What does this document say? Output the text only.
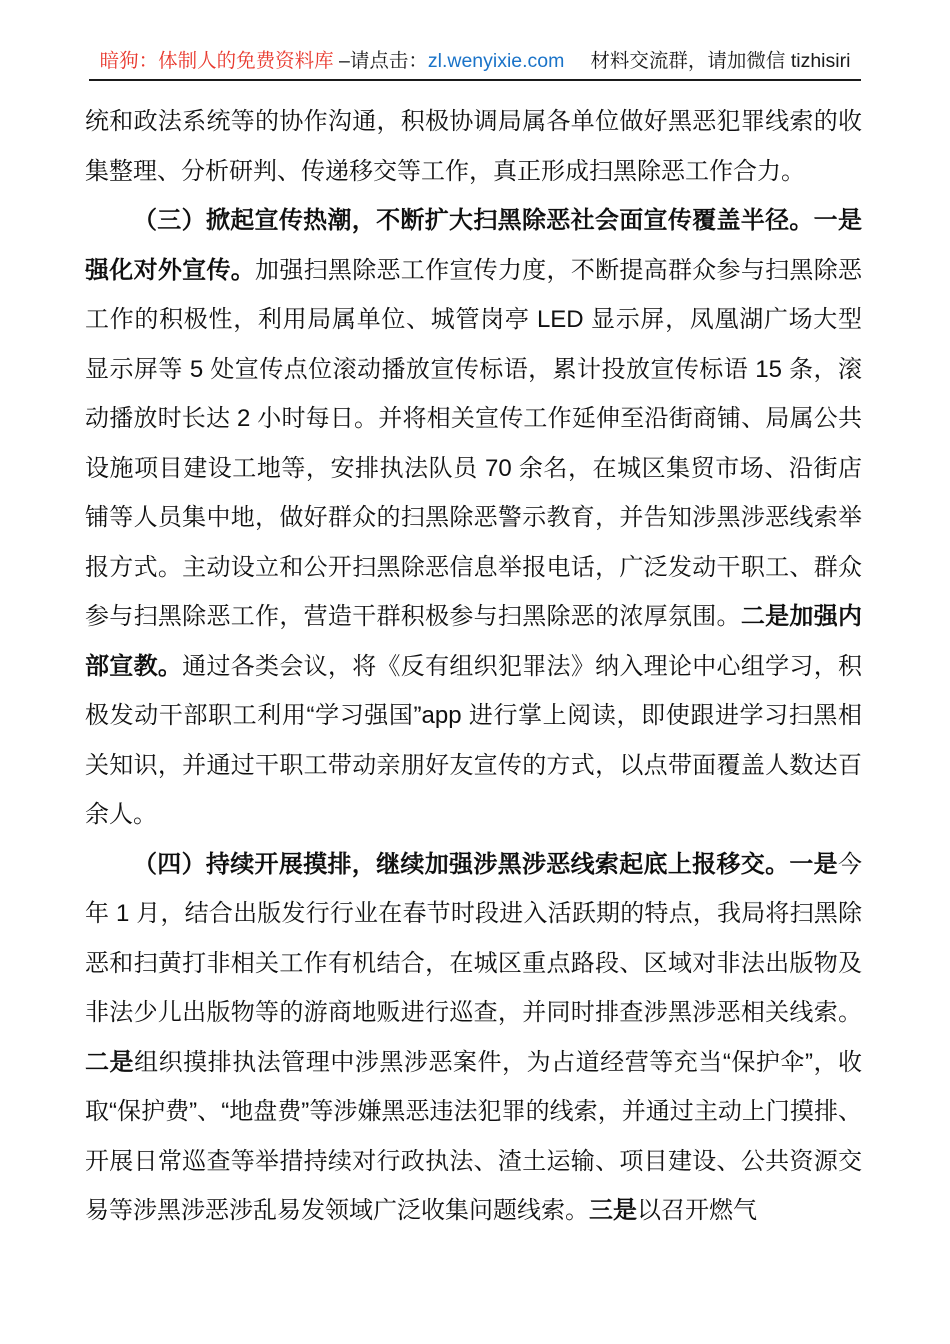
暗狗：体制人的免费资料库 –请点击：zl.wenyixie.com 材料交流群，请加微信 tizhisiri

统和政法系统等的协作沟通，积极协调局属各单位做好黑恶犯罪线索的收集整理、分析研判、传递移交等工作，真正形成扫黑除恶工作合力。

（三）掀起宣传热潮，不断扩大扫黑除恶社会面宣传覆盖半径。一是强化对外宣传。加强扫黑除恶工作宣传力度，不断提高群众参与扫黑除恶工作的积极性，利用局属单位、城管岗亭 LED 显示屏，凤凰湖广场大型显示屏等 5 处宣传点位滚动播放宣传标语，累计投放宣传标语 15 条，滚动播放时长达 2 小时每日。并将相关宣传工作延伸至沿街商铺、局属公共设施项目建设工地等，安排执法队员 70 余名，在城区集贸市场、沿街店铺等人员集中地，做好群众的扫黑除恶警示教育，并告知涉黑涉恶线索举报方式。主动设立和公开扫黑除恶信息举报电话，广泛发动干职工、群众参与扫黑除恶工作，营造干群积极参与扫黑除恶的浓厚氛围。二是加强内部宣教。通过各类会议，将《反有组织犯罪法》纳入理论中心组学习，积极发动干部职工利用“学习强国”app 进行掌上阅读，即使跟进学习扫黑相关知识，并通过干职工带动亲朋好友宣传的方式，以点带面覆盖人数达百余人。

（四）持续开展摸排，继续加强涉黑涉恶线索起底上报移交。一是今年 1 月，结合出版发行行业在春节时段进入活跃期的特点，我局将扫黑除恶和扫黄打非相关工作有机结合，在城区重点路段、区域对非法出版物及非法少儿出版物等的游商地贩进行巡查，并同时排查涉黑涉恶相关线索。二是组织摸排执法管理中涉黑涉恶案件，为占道经营等充当“保护伞”，收取“保护费”、“地盘费”等涉嫌黑恶违法犯罪的线索，并通过主动上门摸排、开展日常巡查等举措持续对行政执法、渣土运输、项目建设、公共资源交易等涉黑涉恶涉乱易发领域广泛收集问题线索。三是以召开燃气
